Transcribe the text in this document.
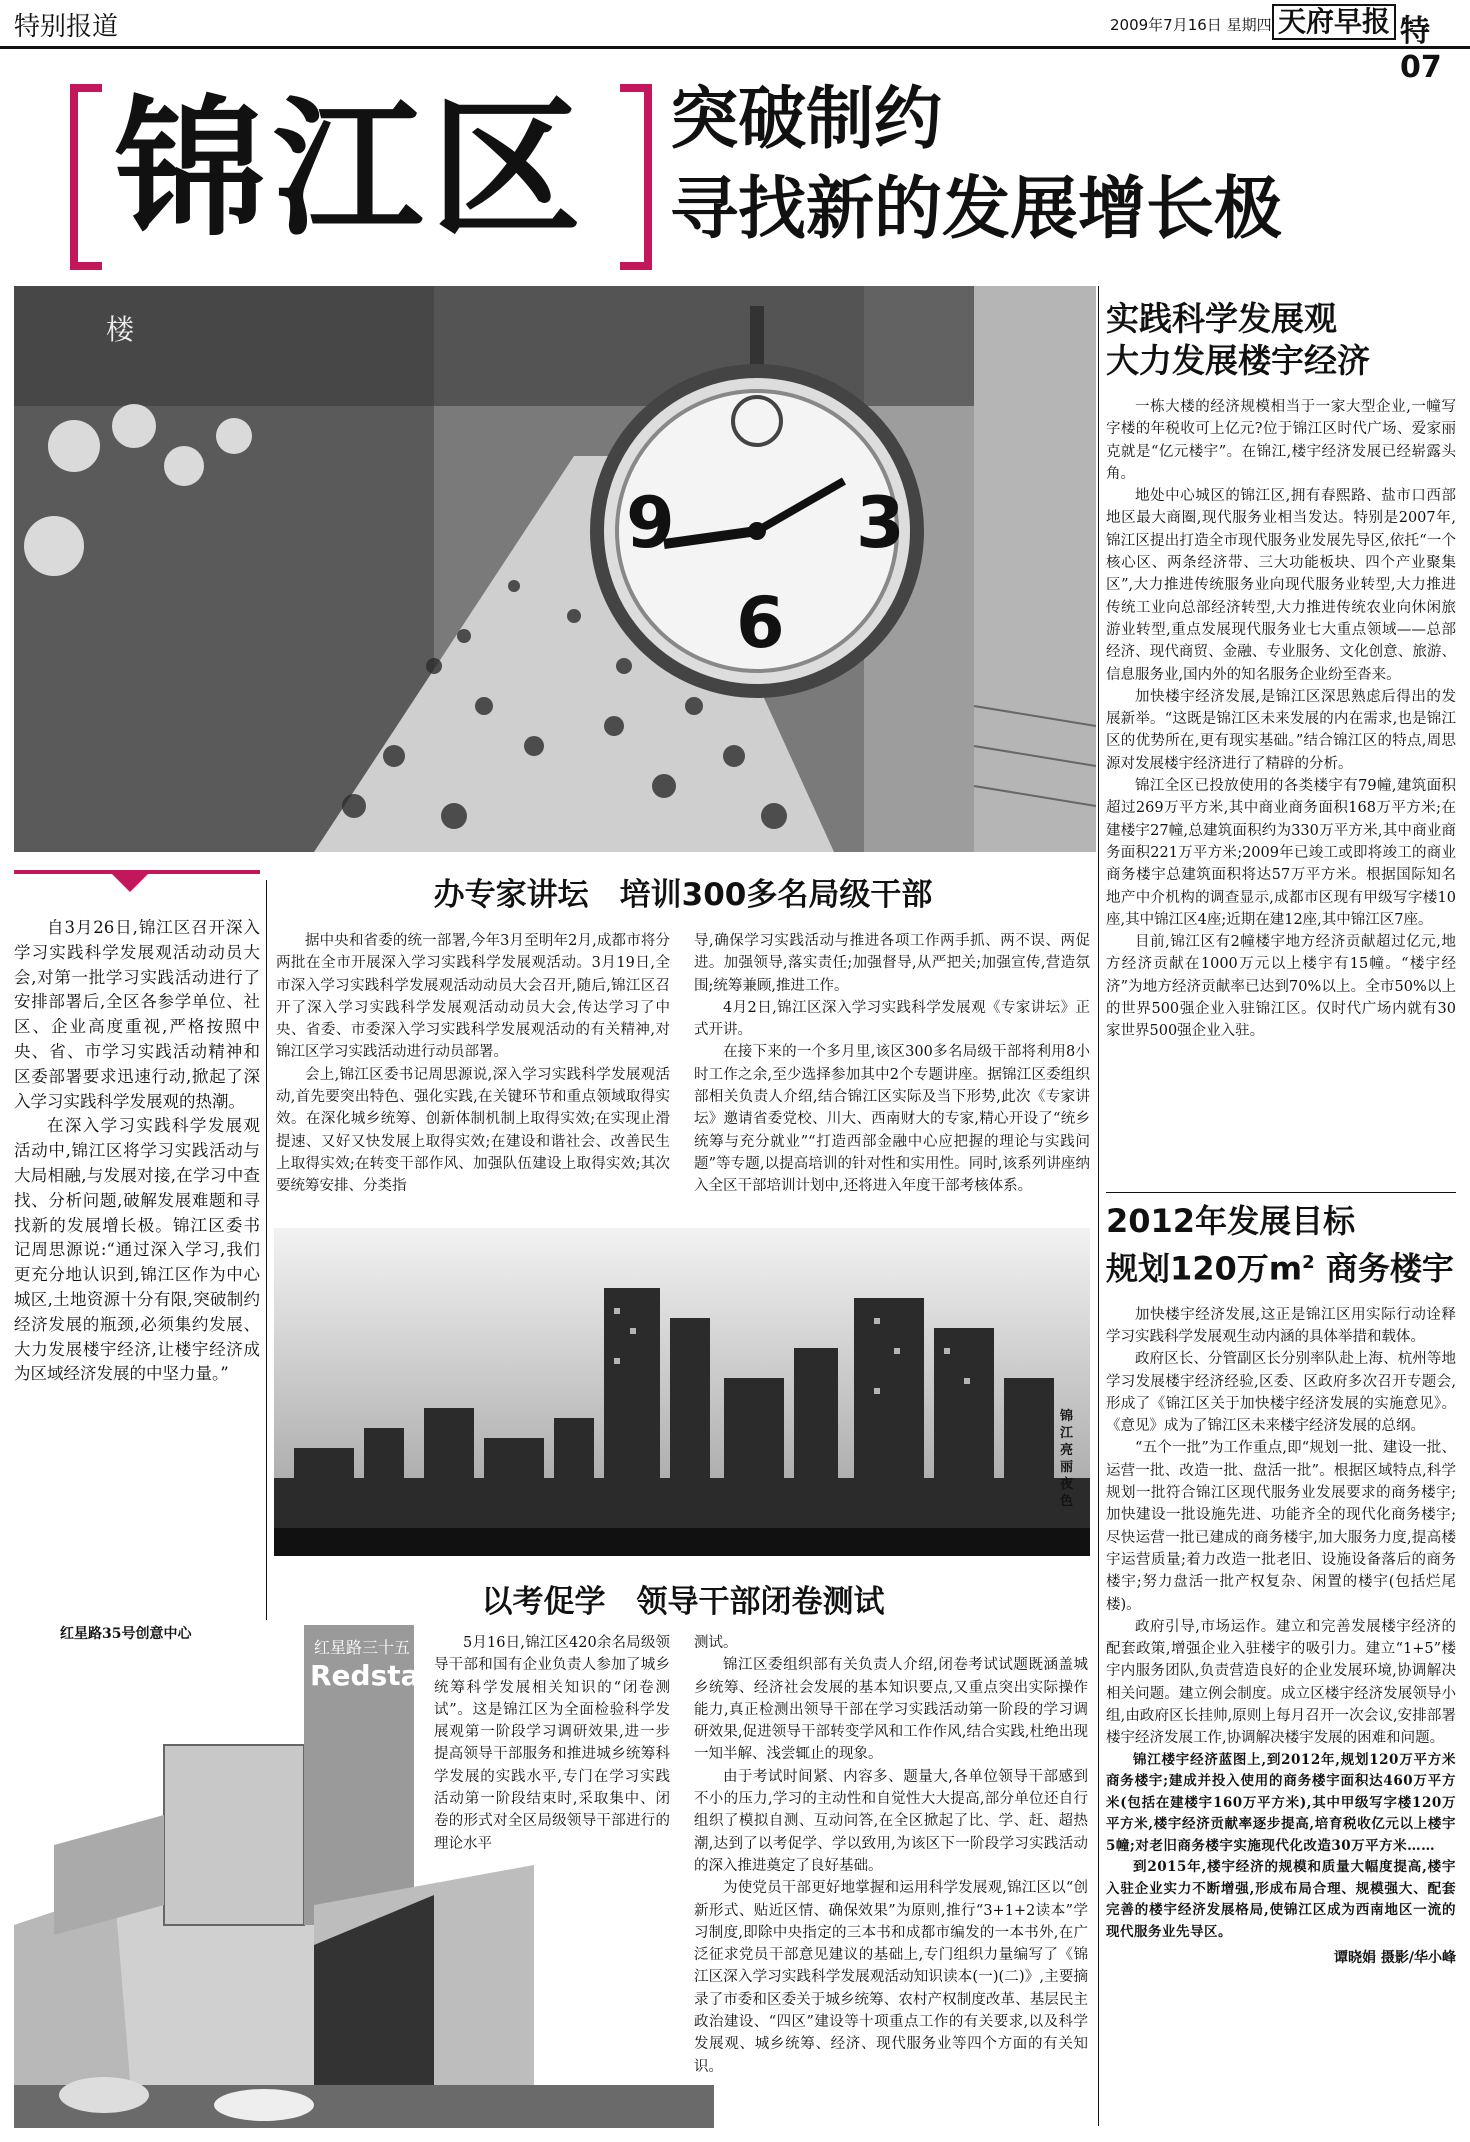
特别报道	2009年7月16日 星期四 天府早报 特07
锦江区 突破制约
寻找新的发展增长极
楼
9	3
6
实践科学发展观
大力发展楼宇经济

一栋大楼的经济规模相当于一家大型企业,一幢写字楼的年税收可上亿元?位于锦江区时代广场、爱家丽克就是“亿元楼宇”。在锦江,楼宇经济发展已经崭露头角。

地处中心城区的锦江区,拥有春熙路、盐市口西部地区最大商圈,现代服务业相当发达。特别是2007年,锦江区提出打造全市现代服务业发展先导区,依托“一个核心区、两条经济带、三大功能板块、四个产业聚集区”,大力推进传统服务业向现代服务业转型,大力推进传统工业向总部经济转型,大力推进传统农业向休闲旅游业转型,重点发展现代服务业七大重点领域——总部经济、现代商贸、金融、专业服务、文化创意、旅游、信息服务业,国内外的知名服务企业纷至沓来。

加快楼宇经济发展,是锦江区深思熟虑后得出的发展新举。“这既是锦江区未来发展的内在需求,也是锦江区的优势所在,更有现实基础。”结合锦江区的特点,周思源对发展楼宇经济进行了精辟的分析。

锦江全区已投放使用的各类楼宇有79幢,建筑面积超过269万平方米,其中商业商务面积168万平方米;在建楼宇27幢,总建筑面积约为330万平方米,其中商业商务面积221万平方米;2009年已竣工或即将竣工的商业商务楼宇总建筑面积将达57万平方米。根据国际知名地产中介机构的调查显示,成都市区现有甲级写字楼10座,其中锦江区4座;近期在建12座,其中锦江区7座。

目前,锦江区有2幢楼宇地方经济贡献超过亿元,地方经济贡献在1000万元以上楼宇有15幢。“楼宇经济”为地方经济贡献率已达到70%以上。全市50%以上的世界500强企业入驻锦江区。仅时代广场内就有30家世界500强企业入驻。

2012年发展目标
规划120万$m^2$ 商务楼宇

加快楼宇经济发展,这正是锦江区用实际行动诠释学习实践科学发展观生动内涵的具体举措和载体。

政府区长、分管副区长分别率队赴上海、杭州等地学习发展楼宇经济经验,区委、区政府多次召开专题会,形成了《锦江区关于加快楼宇经济发展的实施意见》。《意见》成为了锦江区未来楼宇经济发展的总纲。

“五个一批”为工作重点,即“规划一批、建设一批、运营一批、改造一批、盘活一批”。根据区域特点,科学规划一批符合锦江区现代服务业发展要求的商务楼宇;加快建设一批设施先进、功能齐全的现代化商务楼宇;尽快运营一批已建成的商务楼宇,加大服务力度,提高楼宇运营质量;着力改造一批老旧、设施设备落后的商务楼宇;努力盘活一批产权复杂、闲置的楼宇(包括烂尾楼)。

政府引导,市场运作。建立和完善发展楼宇经济的配套政策,增强企业入驻楼宇的吸引力。建立“1+5”楼宇内服务团队,负责营造良好的企业发展环境,协调解决相关问题。建立例会制度。成立区楼宇经济发展领导小组,由政府区长挂帅,原则上每月召开一次会议,安排部署楼宇经济发展工作,协调解决楼宇发展的困难和问题。

锦江楼宇经济蓝图上,到2012年,规划120万平方米商务楼宇;建成并投入使用的商务楼宇面积达460万平方米(包括在建楼宇160万平方米),其中甲级写字楼120万平方米,楼宇经济贡献率逐步提高,培育税收亿元以上楼宇5幢;对老旧商务楼宇实施现代化改造30万平方米……

到2015年,楼宇经济的规模和质量大幅度提高,楼宇入驻企业实力不断增强,形成布局合理、规模强大、配套完善的楼宇经济发展格局,使锦江区成为西南地区一流的现代服务业先导区。

谭晓娟 摄影/华小峰

自3月26日,锦江区召开深入学习实践科学发展观活动动员大会,对第一批学习实践活动进行了安排部署后,全区各参学单位、社区、企业高度重视,严格按照中央、省、市学习实践活动精神和区委部署要求迅速行动,掀起了深入学习实践科学发展观的热潮。

在深入学习实践科学发展观活动中,锦江区将学习实践活动与大局相融,与发展对接,在学习中查找、分析问题,破解发展难题和寻找新的发展增长极。锦江区委书记周思源说:“通过深入学习,我们更充分地认识到,锦江区作为中心城区,土地资源十分有限,突破制约经济发展的瓶颈,必须集约发展、大力发展楼宇经济,让楼宇经济成为区域经济发展的中坚力量。”

办专家讲坛　培训300多名局级干部

据中央和省委的统一部署,今年3月至明年2月,成都市将分两批在全市开展深入学习实践科学发展观活动。3月19日,全市深入学习实践科学发展观活动动员大会召开,随后,锦江区召开了深入学习实践科学发展观活动动员大会,传达学习了中央、省委、市委深入学习实践科学发展观活动的有关精神,对锦江区学习实践活动进行动员部署。

会上,锦江区委书记周思源说,深入学习实践科学发展观活动,首先要突出特色、强化实践,在关键环节和重点领域取得实效。在深化城乡统筹、创新体制机制上取得实效;在实现止滑提速、又好又快发展上取得实效;在建设和谐社会、改善民生上取得实效;在转变干部作风、加强队伍建设上取得实效;其次要统筹安排、分类指

导,确保学习实践活动与推进各项工作两手抓、两不误、两促进。加强领导,落实责任;加强督导,从严把关;加强宣传,营造氛围;统筹兼顾,推进工作。

4月2日,锦江区深入学习实践科学发展观《专家讲坛》正式开讲。

在接下来的一个多月里,该区300多名局级干部将利用8小时工作之余,至少选择参加其中2个专题讲座。据锦江区委组织部相关负责人介绍,结合锦江区实际及当下形势,此次《专家讲坛》邀请省委党校、川大、西南财大的专家,精心开设了“统乡统筹与充分就业”“打造西部金融中心应把握的理论与实践问题”等专题,以提高培训的针对性和实用性。同时,该系列讲座纳入全区干部培训计划中,还将进入年度干部考核体系。

锦江亮丽夜色
红星路35号创意中心
红星路三十五
Redstar 35
以考促学　领导干部闭卷测试

5月16日,锦江区420余名局级领导干部和国有企业负责人参加了城乡统筹科学发展相关知识的“闭卷测试”。这是锦江区为全面检验科学发展观第一阶段学习调研效果,进一步提高领导干部服务和推进城乡统筹科学发展的实践水平,专门在学习实践活动第一阶段结束时,采取集中、闭卷的形式对全区局级领导干部进行的理论水平

测试。

锦江区委组织部有关负责人介绍,闭卷考试试题既涵盖城乡统筹、经济社会发展的基本知识要点,又重点突出实际操作能力,真正检测出领导干部在学习实践活动第一阶段的学习调研效果,促进领导干部转变学风和工作作风,结合实践,杜绝出现一知半解、浅尝辄止的现象。

由于考试时间紧、内容多、题量大,各单位领导干部感到不小的压力,学习的主动性和自觉性大大提高,部分单位还自行组织了模拟自测、互动问答,在全区掀起了比、学、赶、超热潮,达到了以考促学、学以致用,为该区下一阶段学习实践活动的深入推进奠定了良好基础。

为使党员干部更好地掌握和运用科学发展观,锦江区以“创新形式、贴近区情、确保效果”为原则,推行“3+1+2读本”学习制度,即除中央指定的三本书和成都市编发的一本书外,在广泛征求党员干部意见建议的基础上,专门组织力量编写了《锦江区深入学习实践科学发展观活动知识读本(一)(二)》,主要摘录了市委和区委关于城乡统筹、农村产权制度改革、基层民主政治建设、“四区”建设等十项重点工作的有关要求,以及科学发展观、城乡统筹、经济、现代服务业等四个方面的有关知识。
